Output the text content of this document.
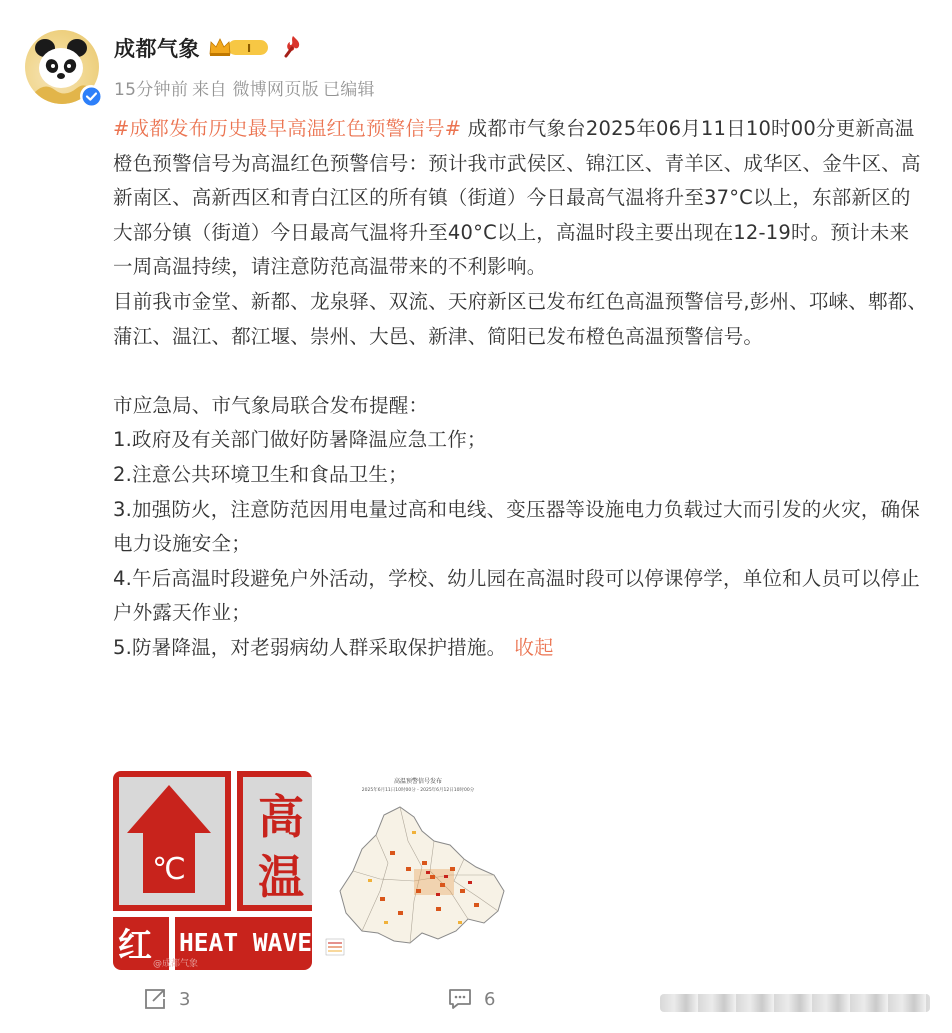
成都气象	I
15分钟前 来自 微博网页版 已编辑

#成都发布历史最早高温红色预警信号# 成都市气象台2025年06月11日10时00分更新高温橙色预警信号为高温红色预警信号：预计我市武侯区、锦江区、青羊区、成华区、金牛区、高新南区、高新西区和青白江区的所有镇（街道）今日最高气温将升至37°C以上，东部新区的大部分镇（街道）今日最高气温将升至40°C以上，高温时段主要出现在12-19时。预计未来一周高温持续，请注意防范高温带来的不利影响。

目前我市金堂、新都、龙泉驿、双流、天府新区已发布红色高温预警信号,彭州、邛崃、郫都、蒲江、温江、都江堰、崇州、大邑、新津、简阳已发布橙色高温预警信号。

市应急局、市气象局联合发布提醒：

1.政府及有关部门做好防暑降温应急工作；

2.注意公共环境卫生和食品卫生；

3.加强防火，注意防范因用电量过高和电线、变压器等设施电力负载过大而引发的火灾，确保电力设施安全；

4.午后高温时段避免户外活动，学校、幼儿园在高温时段可以停课停学，单位和人员可以停止户外露天作业；

5.防暑降温，对老弱病幼人群采取保护措施。 收起

℃
高
温
红 HEAT WAVE
@成都气象
高温预警信号发布
2025年6月11日10时00分 - 2025年6月12日10时00分
3	6
